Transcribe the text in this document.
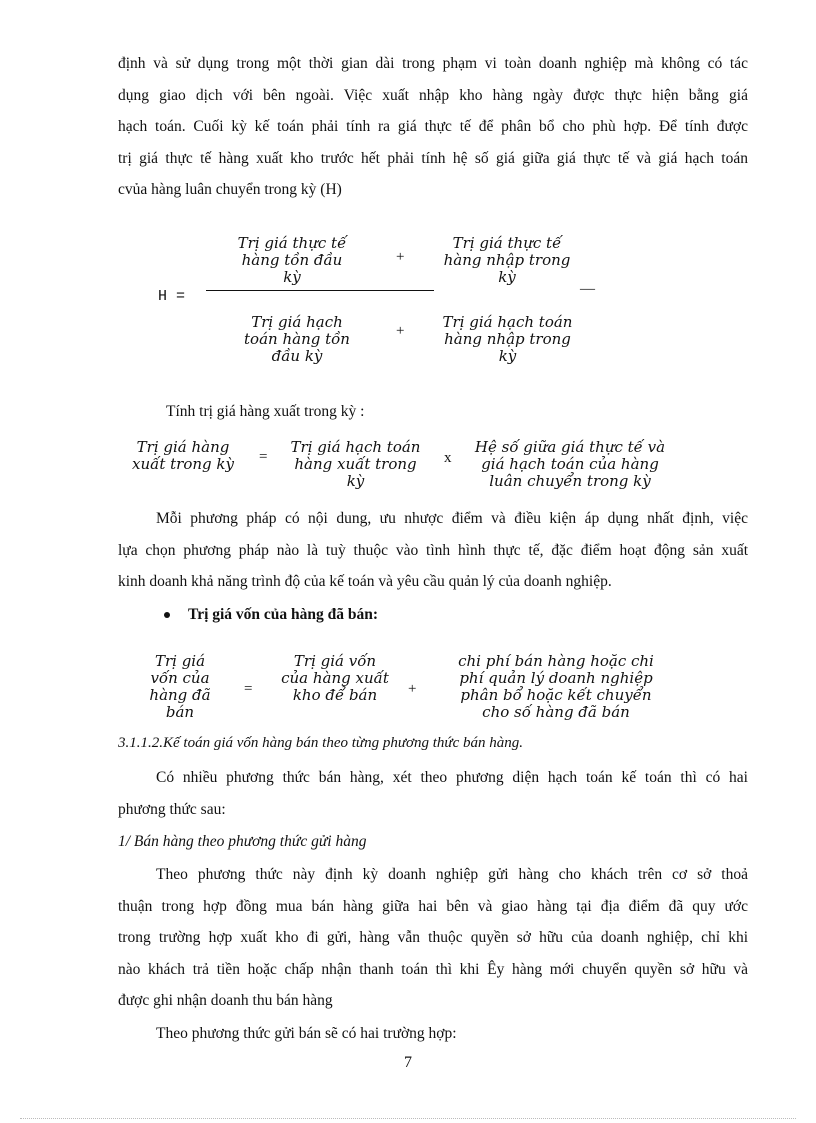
định và sử dụng trong một thời gian dài trong phạm vi toàn doanh nghiệp mà không có tác
dụng giao dịch với bên ngoài. Việc xuất nhập kho hàng ngày được thực hiện bằng giá
hạch toán. Cuối kỳ kế toán phải tính ra giá thực tế để phân bổ cho phù hợp. Để tính được
trị giá thực tế hàng xuất kho trước hết phải tính hệ số giá giữa giá thực tế và giá hạch toán
cvủa hàng luân chuyển trong kỳ (H)
H =
Trị giá thực tế
hàng tồn đầu
kỳ
+
Trị giá thực tế
hàng nhập trong
kỳ
—
Trị giá hạch
toán hàng tồn
đầu kỳ
+	Trị giá hạch toán
hàng nhập trong
kỳ
Tính trị giá hàng xuất trong kỳ :
Trị giá hàng
xuất trong kỳ =
Trị giá hạch toán
hàng xuất trong
kỳ
x
Hệ số giữa giá thực tế và
giá hạch toán của hàng
luân chuyển trong kỳ
Mỗi phương pháp có nội dung, ưu nhược điểm và điều kiện áp dụng nhất định, việc
lựa chọn phương pháp nào là tuỳ thuộc vào tình hình thực tế, đặc điểm hoạt động sản xuất
kinh doanh khả năng trình độ của kế toán và yêu cầu quản lý của doanh nghiệp.
Trị giá vốn của hàng đã bán:
Trị giá
vốn của
hàng đã
bán
=
Trị giá vốn
của hàng xuất
kho để bán	+
chi phí bán hàng hoặc chi
phí quản lý doanh nghiệp
phân bổ hoặc kết chuyển
cho số hàng đã bán
3.1.1.2.Kế toán giá vốn hàng bán theo từng phương thức bán hàng.
Có nhiều phương thức bán hàng, xét theo phương diện hạch toán kế toán thì có hai
phương thức sau:
1/ Bán hàng theo phương thức gửi hàng
Theo phương thức này định kỳ doanh nghiệp gửi hàng cho khách trên cơ sở thoả
thuận trong hợp đồng mua bán hàng giữa hai bên và giao hàng tại địa điểm đã quy ước
trong trường hợp xuất kho đi gửi, hàng vẫn thuộc quyền sở hữu của doanh nghiệp, chỉ khi
nào khách trả tiền hoặc chấp nhận thanh toán thì khi Êy hàng mới chuyển quyền sở hữu và
được ghi nhận doanh thu bán hàng
Theo phương thức gửi bán sẽ có hai trường hợp:
7
